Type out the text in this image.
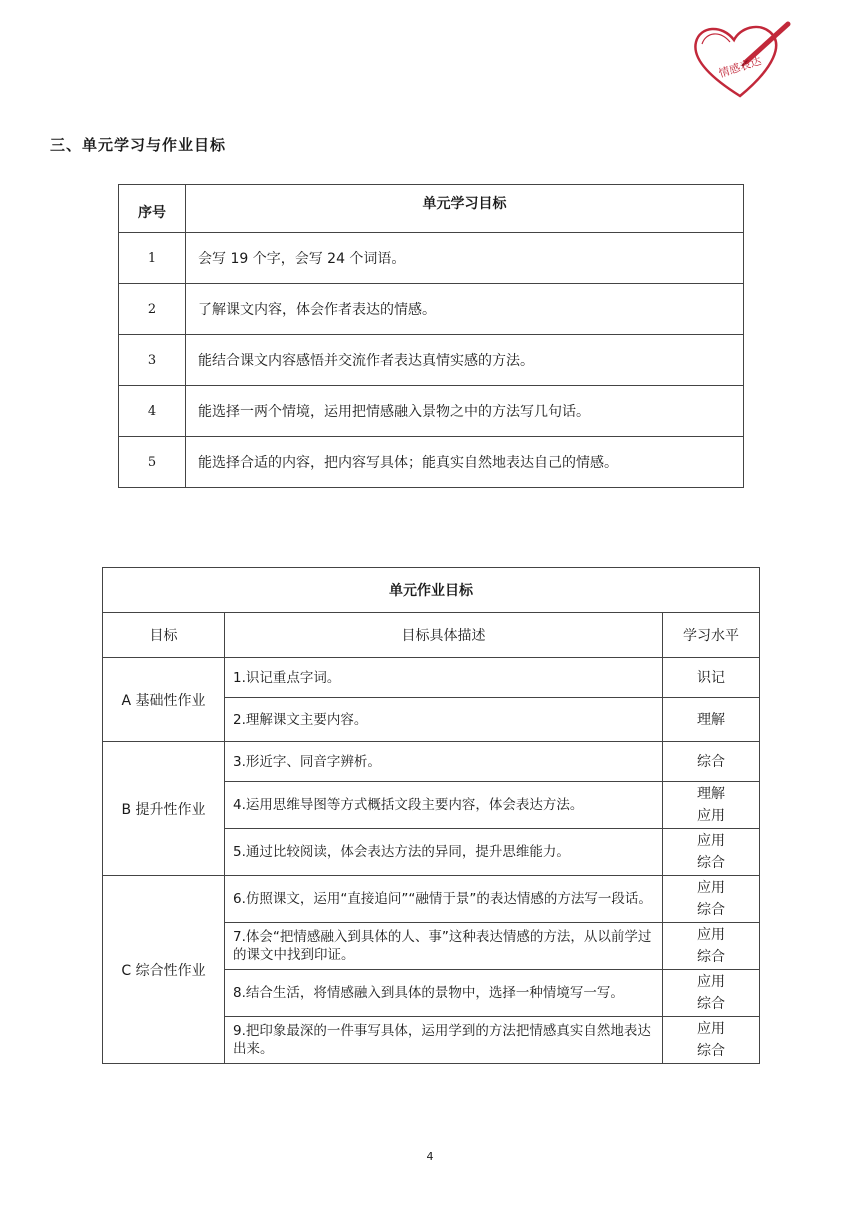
情感表达
三、单元学习与作业目标
序号	单元学习目标
1	会写 19 个字，会写 24 个词语。
2	了解课文内容，体会作者表达的情感。
3	能结合课文内容感悟并交流作者表达真情实感的方法。
4	能选择一两个情境，运用把情感融入景物之中的方法写几句话。
5	能选择合适的内容，把内容写具体；能真实自然地表达自己的情感。
单元作业目标		
目标	目标具体描述	学习水平
A 基础性作业	1.识记重点字词。	识记

	2.理解课文主要内容。	理解

B 提升性作业	3.形近字、同音字辨析。	综合

	4.运用思维导图等方式概括文段主要内容，体会表达方法。	理解
应用

	5.通过比较阅读，体会表达方法的异同，提升思维能力。	应用
综合

C 综合性作业	6.仿照课文，运用“直接追问”“融情于景”的表达情感的方法写一段话。	应用
综合

	7.体会“把情感融入到具体的人、事”这种表达情感的方法，从以前学过的课文中找到印证。	应用
综合

	8.结合生活，将情感融入到具体的景物中，选择一种情境写一写。	应用
综合

	9.把印象最深的一件事写具体，运用学到的方法把情感真实自然地表达出来。	应用
综合
4
